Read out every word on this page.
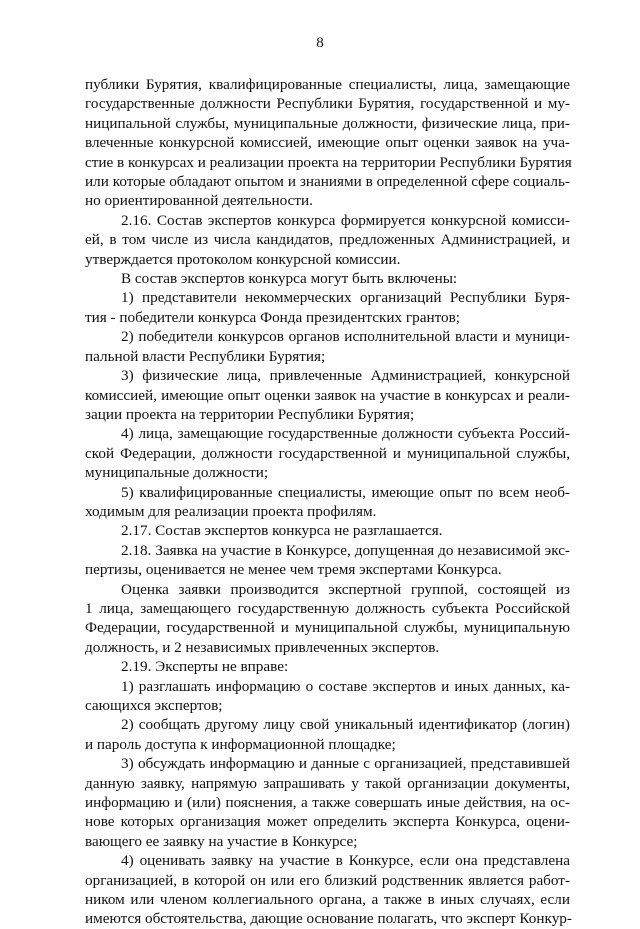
8
публики Бурятия, квалифицированные специалисты, лица, замещающие
государственные должности Республики Бурятия, государственной и му-
ниципальной службы, муниципальные должности, физические лица, при-
влеченные конкурсной комиссией, имеющие опыт оценки заявок на уча-
стие в конкурсах и реализации проекта на территории Республики Бурятия
или которые обладают опытом и знаниями в определенной сфере социаль-
но ориентированной деятельности.
2.16. Состав экспертов конкурса формируется конкурсной комисси-
ей, в том числе из числа кандидатов, предложенных Администрацией, и
утверждается протоколом конкурсной комиссии.
В состав экспертов конкурса могут быть включены:
1) представители некоммерческих организаций Республики Буря-
тия - победители конкурса Фонда президентских грантов;
2) победители конкурсов органов исполнительной власти и муници-
пальной власти Республики Бурятия;
3) физические лица, привлеченные Администрацией, конкурсной
комиссией, имеющие опыт оценки заявок на участие в конкурсах и реали-
зации проекта на территории Республики Бурятия;
4) лица, замещающие государственные должности субъекта Россий-
ской Федерации, должности государственной и муниципальной службы,
муниципальные должности;
5) квалифицированные специалисты, имеющие опыт по всем необ-
ходимым для реализации проекта профилям.
2.17. Состав экспертов конкурса не разглашается.
2.18. Заявка на участие в Конкурсе, допущенная до независимой экс-
пертизы, оценивается не менее чем тремя экспертами Конкурса.
Оценка заявки производится экспертной группой, состоящей из
1 лица, замещающего государственную должность субъекта Российской
Федерации, государственной и муниципальной службы, муниципальную
должность, и 2 независимых привлеченных экспертов.
2.19. Эксперты не вправе:
1) разглашать информацию о составе экспертов и иных данных, ка-
сающихся экспертов;
2) сообщать другому лицу свой уникальный идентификатор (логин)
и пароль доступа к информационной площадке;
3) обсуждать информацию и данные с организацией, представившей
данную заявку, напрямую запрашивать у такой организации документы,
информацию и (или) пояснения, а также совершать иные действия, на ос-
нове которых организация может определить эксперта Конкурса, оцени-
вающего ее заявку на участие в Конкурсе;
4) оценивать заявку на участие в Конкурсе, если она представлена
организацией, в которой он или его близкий родственник является работ-
ником или членом коллегиального органа, а также в иных случаях, если
имеются обстоятельства, дающие основание полагать, что эксперт Конкур-
